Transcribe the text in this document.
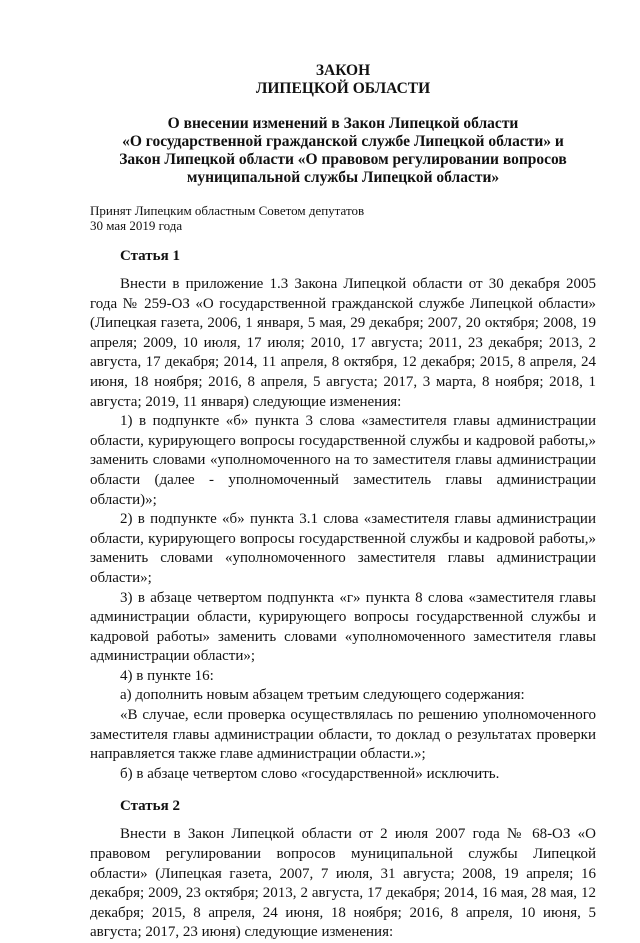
ЗАКОН
ЛИПЕЦКОЙ ОБЛАСТИ
О внесении изменений в Закон Липецкой области
«О государственной гражданской службе Липецкой области» и
Закон Липецкой области «О правовом регулировании вопросов
муниципальной службы Липецкой области»
Принят Липецким областным Советом депутатов
30 мая 2019 года
Статья 1

Внести в приложение 1.3 Закона Липецкой области от 30 декабря 2005 года № 259-ОЗ «О государственной гражданской службе Липецкой области» (Липецкая газета, 2006, 1 января, 5 мая, 29 декабря; 2007, 20 октября; 2008, 19 апреля; 2009, 10 июля, 17 июля; 2010, 17 августа; 2011, 23 декабря; 2013, 2 августа, 17 декабря; 2014, 11 апреля, 8 октября, 12 декабря; 2015, 8 апреля, 24 июня, 18 ноября; 2016, 8 апреля, 5 августа; 2017, 3 марта, 8 ноября; 2018, 1 августа; 2019, 11 января) следующие изменения:

1) в подпункте «б» пункта 3 слова «заместителя главы администрации области, курирующего вопросы государственной службы и кадровой работы,» заменить словами «уполномоченного на то заместителя главы администрации области (далее - уполномоченный заместитель главы администрации области)»;

2) в подпункте «б» пункта 3.1 слова «заместителя главы администрации области, курирующего вопросы государственной службы и кадровой работы,» заменить словами «уполномоченного заместителя главы администрации области»;

3) в абзаце четвертом подпункта «г» пункта 8 слова «заместителя главы администрации области, курирующего вопросы государственной службы и кадровой работы» заменить словами «уполномоченного заместителя главы администрации области»;

4) в пункте 16:

а) дополнить новым абзацем третьим следующего содержания:

«В случае, если проверка осуществлялась по решению уполномоченного заместителя главы администрации области, то доклад о результатах проверки направляется также главе администрации области.»;

б) в абзаце четвертом слово «государственной» исключить.

Статья 2

Внести в Закон Липецкой области от 2 июля 2007 года № 68-ОЗ «О правовом регулировании вопросов муниципальной службы Липецкой области» (Липецкая газета, 2007, 7 июля, 31 августа; 2008, 19 апреля; 16 декабря; 2009, 23 октября; 2013, 2 августа, 17 декабря; 2014, 16 мая, 28 мая, 12 декабря; 2015, 8 апреля, 24 июня, 18 ноября; 2016, 8 апреля, 10 июня, 5 августа; 2017, 23 июня) следующие изменения:
